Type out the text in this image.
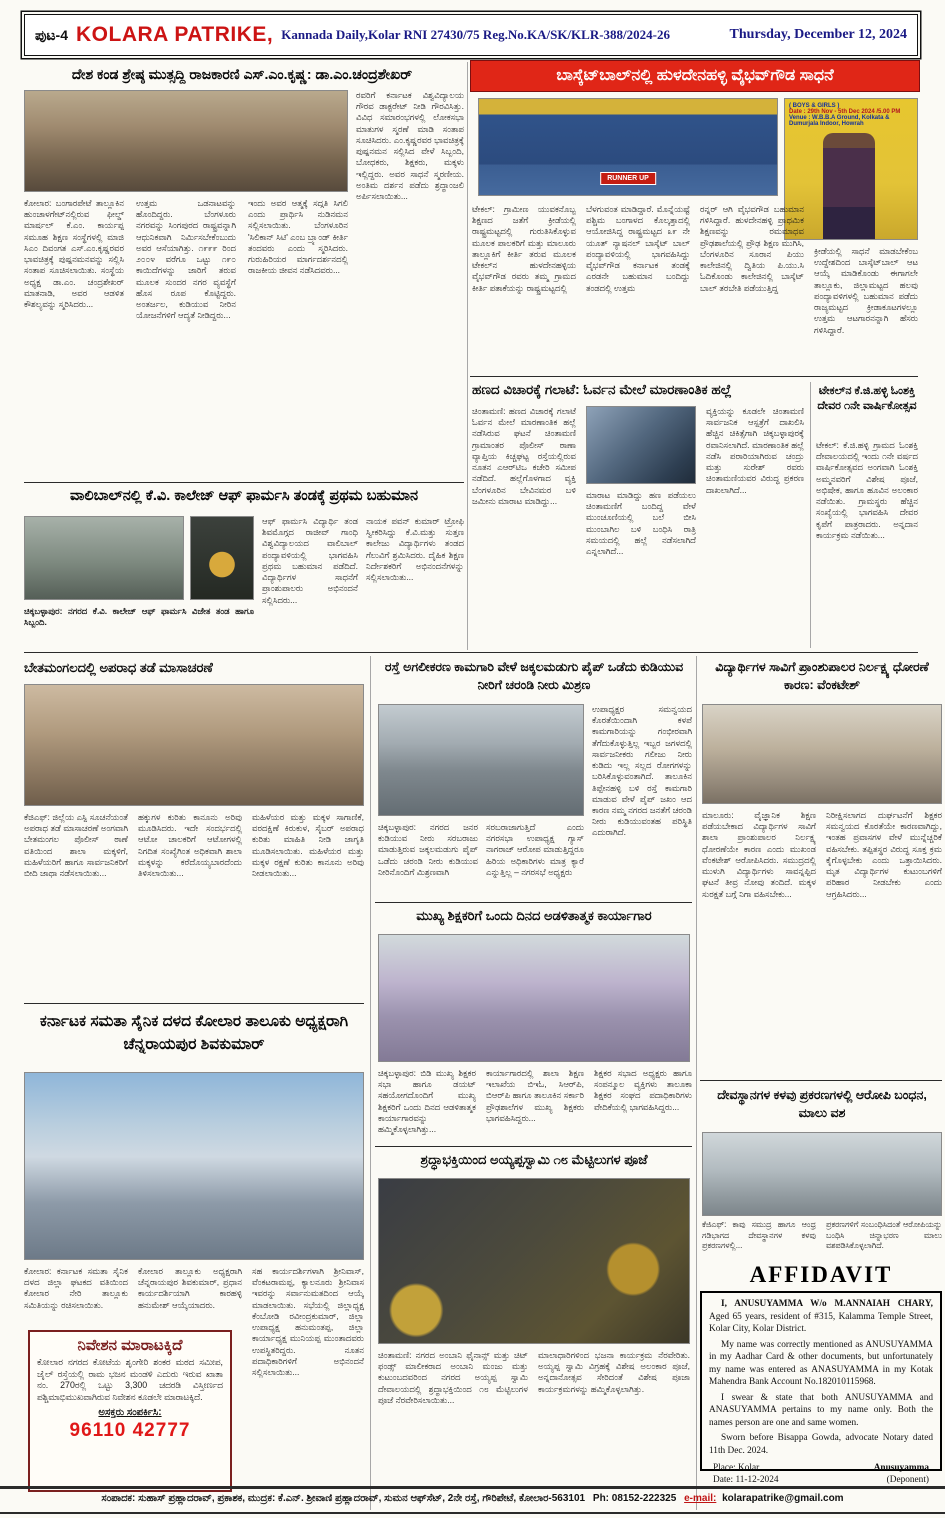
ಪುಟ-4 KOLARA PATRIKE, Kannada Daily,Kolar RNI 27430/75 Reg.No.KA/SK/KLR-388/2024-26	Thursday, December 12, 2024
ದೇಶ ಕಂಡ ಶ್ರೇಷ್ಠ ಮುತ್ಸದ್ದಿ ರಾಜಕಾರಣಿ ಎಸ್.ಎಂ.ಕೃಷ್ಣ: ಡಾ.ಎಂ.ಚಂದ್ರಶೇಖರ್
ರವರಿಗೆ ಕರ್ನಾಟಕ ವಿಶ್ವವಿದ್ಯಾಲಯ ಗೌರವ ಡಾಕ್ಟರೇಟ್ ನೀಡಿ ಗೌರವಿಸಿತ್ತು. ವಿವಿಧ ಸಮಾರಂಭಗಳಲ್ಲಿ ಲೋಕಸಭಾ ಮಾತುಗಳ ಸ್ಮರಣೆ ಮಾಡಿ ಸಂತಾಪ ಸೂಚಿಸಿದರು. ಎಂ.ಕೃಷ್ಣರವರ ಭಾವಚಿತ್ರಕ್ಕೆ ಪುಷ್ಪನಮನ ಸಲ್ಲಿಸಿದ ವೇಳೆ ಸಿಬ್ಬಂದಿ, ಬೋಧಕರು, ಶಿಕ್ಷಕರು, ಮಕ್ಕಳು ಇಲ್ಲಿದ್ದರು. ಅವರ ಸಾಧನೆ ಸ್ಮರಣೀಯ. ಅಂತಿಮ ದರ್ಶನ ಪಡೆದು ಶ್ರದ್ಧಾಂಜಲಿ ಅರ್ಪಿಸಲಾಯಿತು...
ಕೋಲಾರ: ಬಂಗಾರಪೇಟೆ ತಾಲ್ಲೂಕಿನ ಹುಂಚಾಳಗೇಟ್‌ನಲ್ಲಿರುವ ಫೀಲ್ಡ್ ಮಾರ್ಷಲ್ ಕೆ.ಎಂ. ಕಾರ್ಯಪ್ಪ ಸಮೂಹ ಶಿಕ್ಷಣ ಸಂಸ್ಥೆಗಳಲ್ಲಿ ಮಾಜಿ ಸಿಎಂ ದಿವಂಗತ ಎಸ್.ಎಂ.ಕೃಷ್ಣರವರ ಭಾವಚಿತ್ರಕ್ಕೆ ಪುಷ್ಪನಮನವನ್ನು ಸಲ್ಲಿಸಿ ಸಂತಾಪ ಸೂಚಿಸಲಾಯಿತು. ಸಂಸ್ಥೆಯ ಅಧ್ಯಕ್ಷ ಡಾ.ಎಂ. ಚಂದ್ರಶೇಖರ್ ಮಾತನಾಡಿ, ಅವರ ಆಡಳಿತ ಕೌಶಲ್ಯವನ್ನು ಸ್ಮರಿಸಿದರು...
ಉತ್ತಮ ಒಡನಾಟವನ್ನು ಹೊಂದಿದ್ದರು. ಬೆಂಗಳೂರು ನಗರವನ್ನು ಸಿಂಗಪುರದ ರಾಷ್ಟ್ರವನ್ನಾಗಿ ಆಧುನಿಕವಾಗಿ ನಿರ್ಮಿಸಬೇಕೆಂಬುದು ಅವರ ಆಸೆಯಾಗಿತ್ತು. ೧೯೯೯ ರಿಂದ ೨೦೦೪ ವರೆಗೂ ಒಟ್ಟು ೧೯೦ ಕಾಯಿದೆಗಳನ್ನು ಜಾರಿಗೆ ತರುವ ಮೂಲಕ ಸುಂದರ ನಗರ ವ್ಯವಸ್ಥೆಗೆ ಹೊಸ ರೂಪ ಕೊಟ್ಟಿದ್ದರು. ಅಂತರ್ಜಲ, ಕುಡಿಯುವ ನೀರಿನ ಯೋಜನೆಗಳಿಗೆ ಆದ್ಯತೆ ನೀಡಿದ್ದರು...
ಇಂದು ಅವರ ಆತ್ಮಕ್ಕೆ ಸದ್ಗತಿ ಸಿಗಲಿ ಎಂದು ಪ್ರಾರ್ಥಿಸಿ ನುಡಿನಮನ ಸಲ್ಲಿಸಲಾಯಿತು. ಬೆಂಗಳೂರಿನ 'ಸಿಲಿಕಾನ್ ಸಿಟಿ' ಎಂಬ ಬ್ರ್ಯಾಂಡ್ ಕೀರ್ತಿ ತಂದವರು ಎಂದು ಸ್ಮರಿಸಿದರು. ಗುರುಹಿರಿಯರ ಮಾರ್ಗದರ್ಶನದಲ್ಲಿ ರಾಜಕೀಯ ಜೀವನ ನಡೆಸಿದವರು...
ಬಾಸ್ಕೆಟ್‌ಬಾಲ್‌ನಲ್ಲಿ ಹುಳದೇನಹಳ್ಳಿ ವೈಭವ್‌ಗೌಡ ಸಾಧನೆ
RUNNER UP
( BOYS & GIRLS )
Date : 29th Nov - 5th Dec 2024 /5.00 PM
Venue : W.B.B.A Ground, Kolkata & Dumurjala Indoor, Howrah
ಟೇಕಲ್: ಗ್ರಾಮೀಣ ಯುವಕನೊಬ್ಬ ಶಿಕ್ಷಣದ ಜತೆಗೆ ಕ್ರೀಡೆಯಲ್ಲಿ ರಾಷ್ಟ್ರಮಟ್ಟದಲ್ಲಿ ಗುರುತಿಸಿಕೊಳ್ಳುವ ಮೂಲಕ ಪಾಲಕರಿಗೆ ಮತ್ತು ಮಾಲೂರು ತಾಲ್ಲೂಕಿಗೆ ಕೀರ್ತಿ ತರುವ ಮೂಲಕ ಟೇಕಲ್‌ನ ಹುಳದೇನಹಳ್ಳಿಯ ವೈಭವ್‌ಗೌಡ ರವರು ತಮ್ಮ ಗ್ರಾಮದ ಕೀರ್ತಿ ಪತಾಕೆಯನ್ನು ರಾಷ್ಟ್ರಮಟ್ಟದಲ್ಲಿ
ಬೆಳಗುವಂತ ಮಾಡಿದ್ದಾರೆ. ಮೊನ್ನೆಯಷ್ಟೆ ಪಶ್ಚಿಮ ಬಂಗಾಳದ ಕೊಲ್ಕತ್ತಾದಲ್ಲಿ ಆಯೋಜಿಸಿದ್ದ ರಾಷ್ಟ್ರಮಟ್ಟದ ೩೯ ನೇ ಯೂತ್ ನ್ಯಾಷನಲ್ ಬಾಸ್ಕೆಟ್ ಬಾಲ್ ಪಂದ್ಯಾವಳಿಯಲ್ಲಿ ಭಾಗವಹಿಸಿದ್ದು ವೈಭವ್‌ಗೌಡ ಕರ್ನಾಟಕ ತಂಡಕ್ಕೆ ಎರಡನೇ ಬಹುಮಾನ ಬಂದಿದ್ದು ತಂಡದಲ್ಲಿ ಉತ್ತಮ
ರನ್ನರ್ ಆಗಿ ವೈಭವಗೌಡ ಬಹುಮಾನ ಗಳಿಸಿದ್ದಾರೆ. ಹುಳದೇನಹಳ್ಳಿ ಪ್ರಾಥಮಿಕ ಶಿಕ್ಷಣವನ್ನು ರಮಮಾಧವ ಪ್ರೌಢಶಾಲೆಯಲ್ಲಿ ಪ್ರೌಢ ಶಿಕ್ಷಣ ಮುಗಿಸಿ, ಬೆಂಗಳೂರಿನ ಸೂರಾನ ಪಿಯು ಕಾಲೇಜಿನಲ್ಲಿ ದ್ವಿತಿಯ ಪಿ.ಯು.ಸಿ ಓದಿಕೊಂಡು ಕಾಲೇಜಿನಲ್ಲಿ ಬಾಸ್ಕೆಟ್ ಬಾಲ್ ತರಬೇತಿ ಪಡೆಯುತ್ತಿದ್ದ
ಕ್ರೀಡೆಯಲ್ಲಿ ಸಾಧನೆ ಮಾಡಬೇಕೆಂಬ ಉದ್ದೇಶದಿಂದ ಬಾಸ್ಕೆಟ್‌ಬಾಲ್ ಆಟ ಆಯ್ಕೆ ಮಾಡಿಕೊಂಡು ಈಗಾಗಲೇ ತಾಲ್ಲೂಕು, ಜಿಲ್ಲಾಮಟ್ಟದ ಹಲವು ಪಂದ್ಯಾವಳಿಗಳಲ್ಲಿ ಬಹುಮಾನ ಪಡೆದು ರಾಜ್ಯಮಟ್ಟದ ಕ್ರೀಡಾಕೂಟಗಳಲ್ಲೂ ಉತ್ತಮ ಆಟಗಾರನನ್ನಾಗಿ ಹೆಸರು ಗಳಿಸಿದ್ದಾರೆ.
ಹಣದ ವಿಚಾರಕ್ಕೆ ಗಲಾಟೆ: ಓರ್ವನ ಮೇಲೆ ಮಾರಣಾಂತಿಕ ಹಲ್ಲೆ
ಚಿಂತಾಮಣಿ: ಹಣದ ವಿಚಾರಕ್ಕೆ ಗಲಾಟೆ ಓರ್ವನ ಮೇಲೆ ಮಾರಣಾಂತಿಕ ಹಲ್ಲೆ ನಡೆಸಿರುವ ಘಟನೆ ಚಿಂತಾಮಣಿ ಗ್ರಾಮಾಂತರ ಪೊಲೀಸ್ ಠಾಣಾ ವ್ಯಾಪ್ತಿಯ ಕಿಚ್ಚಘಟ್ಟ ರಸ್ತೆಯಲ್ಲಿರುವ ನೂತನ ಎಆರ್‌ಟಿಒ ಕಚೇರಿ ಸಮೀಪ ನಡೆದಿದೆ. ಹಲ್ಲೆಗೊಳಗಾದ ವ್ಯಕ್ತಿ ಬೆಂಗಳೂರಿನ ಬೇವಿನಮರ ಬಳಿ ಜಮೀನು ಮಾರಾಟ ಮಾಡಿದ್ದು...
ಮಾರಾಟ ಮಾಡಿದ್ದು ಹಣ ಪಡೆಯಲು ಚಿಂತಾಮಣಿಗೆ ಬಂದಿದ್ದ ವೇಳೆ ಮುಂಚೂಣಿಯಲ್ಲಿ ಬಲೆ ಬೀಸಿ ಮುಂಬಾಗಿಲ ಬಳಿ ಬಂಧಿಸಿ ರಾತ್ರಿ ಸಮಯದಲ್ಲಿ ಹಲ್ಲೆ ನಡೆಸಲಾಗಿದೆ ಎನ್ನಲಾಗಿದೆ...
ವ್ಯಕ್ತಿಯನ್ನು ಕೂಡಲೇ ಚಿಂತಾಮಣಿ ಸಾರ್ವಜನಿಕ ಆಸ್ಪತ್ರೆಗೆ ದಾಖಲಿಸಿ ಹೆಚ್ಚಿನ ಚಿಕಿತ್ಸೆಗಾಗಿ ಚಿಕ್ಕಬಳ್ಳಾಪುರಕ್ಕೆ ರವಾನಿಸಲಾಗಿದೆ. ಮಾರಣಾಂತಿಕ ಹಲ್ಲೆ ನಡೆಸಿ ಪರಾರಿಯಾಗಿರುವ ಚಂದ್ರು ಮತ್ತು ಸುರೇಶ್ ರವರು ಚಿಂತಾಮಣಿಯವರ ವಿರುದ್ಧ ಪ್ರಕರಣ ದಾಖಲಾಗಿದೆ...
ಟೇಕಲ್‌ನ ಕೆ.ಜಿ.ಹಳ್ಳಿ ಓಂಶಕ್ತಿ ದೇವರ ೧ನೇ ವಾರ್ಷಿಕೋತ್ಸವ
ಟೇಕಲ್: ಕೆ.ಜಿ.ಹಳ್ಳಿ ಗ್ರಾಮದ ಓಂಶಕ್ತಿ ದೇವಾಲಯದಲ್ಲಿ ಇಂದು ೧ನೇ ವರ್ಷದ ವಾರ್ಷಿಕೋತ್ಸವದ ಅಂಗವಾಗಿ ಓಂಶಕ್ತಿ ಅಮ್ಮನವರಿಗೆ ವಿಶೇಷ ಪೂಜೆ, ಅಭಿಷೇಕ, ಹಾಗೂ ಹೂವಿನ ಅಲಂಕಾರ ನಡೆಯಿತು. ಗ್ರಾಮಸ್ಥರು ಹೆಚ್ಚಿನ ಸಂಖ್ಯೆಯಲ್ಲಿ ಭಾಗವಹಿಸಿ ದೇವರ ಕೃಪೆಗೆ ಪಾತ್ರರಾದರು. ಅನ್ನದಾನ ಕಾರ್ಯಕ್ರಮ ನಡೆಯಿತು...
ವಾಲಿಬಾಲ್‌ನಲ್ಲಿ ಕೆ.ವಿ. ಕಾಲೇಜ್ ಆಫ್ ಫಾರ್ಮಸಿ ತಂಡಕ್ಕೆ ಪ್ರಥಮ ಬಹುಮಾನ
ಚಿಕ್ಕಬಳ್ಳಾಪುರ: ನಗರದ ಕೆ.ವಿ. ಕಾಲೇಜ್ ಆಫ್ ಫಾರ್ಮಸಿ ವಿಜೇತ ತಂಡ ಹಾಗೂ ಸಿಬ್ಬಂದಿ.
ಆಫ್ ಫಾರ್ಮಸಿ ವಿದ್ಯಾರ್ಥಿ ತಂಡ ಶಿವಮೊಗ್ಗದ ರಾಜೀವ್ ಗಾಂಧಿ ವಿಶ್ವವಿದ್ಯಾಲಯದ ವಾಲಿಬಾಲ್ ಪಂದ್ಯಾವಳಿಯಲ್ಲಿ ಭಾಗವಹಿಸಿ ಪ್ರಥಮ ಬಹುಮಾನ ಪಡೆದಿದೆ. ವಿದ್ಯಾರ್ಥಿಗಳ ಸಾಧನೆಗೆ ಪ್ರಾಂಶುಪಾಲರು ಅಭಿನಂದನೆ ಸಲ್ಲಿಸಿದರು...
ನಾಯಕ ಪವನ್ ಕುಮಾರ್ ಟ್ರೋಫಿ ಸ್ವೀಕರಿಸಿದ್ದು ಕೆ.ವಿ.ಮತ್ತು ಸುತ್ತಣ ಕಾಲೇಜು ವಿದ್ಯಾರ್ಥಿಗಳು ತಂಡದ ಗೆಲುವಿಗೆ ಶ್ರಮಿಸಿದರು. ದೈಹಿಕ ಶಿಕ್ಷಣ ನಿರ್ದೇಶಕರಿಗೆ ಅಭಿನಂದನೆಗಳನ್ನು ಸಲ್ಲಿಸಲಾಯಿತು...
ಬೇತಮಂಗಲದಲ್ಲಿ ಅಪರಾಧ ತಡೆ ಮಾಸಾಚರಣೆ
ಕೆಜಿಎಫ್: ಜಿಲ್ಲೆಯ ಎಸ್ಪಿ ಸೂಚನೆಯಂತೆ ಅಪರಾಧ ತಡೆ ಮಾಸಾಚರಣೆ ಅಂಗವಾಗಿ ಬೇತಮಂಗಲ ಪೊಲೀಸ್ ಠಾಣೆ ವತಿಯಿಂದ ಶಾಲಾ ಮಕ್ಕಳಿಗೆ, ಮಹಿಳೆಯರಿಗೆ ಹಾಗೂ ಸಾರ್ವಜನಿಕರಿಗೆ ಬೀದಿ ಜಾಥಾ ನಡೆಸಲಾಯಿತು...
ಹಕ್ಕುಗಳ ಕುರಿತು ಕಾನೂನು ಅರಿವು ಮೂಡಿಸಿದರು. ಇದೇ ಸಂದರ್ಭದಲ್ಲಿ ಆಟೋ ಚಾಲಕರಿಗೆ ಆಟೋಗಳಲ್ಲಿ ನಿಗದಿತ ಸಂಖ್ಯೆಗಿಂತ ಅಧಿಕವಾಗಿ ಶಾಲಾ ಮಕ್ಕಳನ್ನು ಕರೆದೊಯ್ಯಬಾರದೆಂದು ತಿಳಿಸಲಾಯಿತು...
ಮಹಿಳೆಯರ ಮತ್ತು ಮಕ್ಕಳ ಸಾಗಾಣಿಕೆ, ವರದಕ್ಷಿಣೆ ಕಿರುಕುಳ, ಸೈಬರ್ ಅಪರಾಧ ಕುರಿತು ಮಾಹಿತಿ ನೀಡಿ ಜಾಗೃತಿ ಮೂಡಿಸಲಾಯಿತು. ಮಹಿಳೆಯರ ಮತ್ತು ಮಕ್ಕಳ ರಕ್ಷಣೆ ಕುರಿತು ಕಾನೂನು ಅರಿವು ನೀಡಲಾಯಿತು...
ರಸ್ತೆ ಅಗಲೀಕರಣ ಕಾಮಗಾರಿ ವೇಳೆ ಜಕ್ಕಲಮಡುಗು ಪೈಪ್ ಒಡೆದು ಕುಡಿಯುವ ನೀರಿಗೆ ಚರಂಡಿ ನೀರು ಮಿಶ್ರಣ
ಉಪಾಧ್ಯಕ್ಷರ ಸಮನ್ವಯದ ಕೊರತೆಯಿಂದಾಗಿ ಕಳಪೆ ಕಾಮಗಾರಿಯನ್ನು ಗಂಭೀರವಾಗಿ ತೆಗೆದುಕೊಳ್ಳುತ್ತಿಲ್ಲ ಇಬ್ಬರ ಜಗಳದಲ್ಲಿ ಸಾರ್ವಜನೀಕರು ಗಲೀಜು ನೀರು ಕುಡಿದು ಇಲ್ಲ ಸಲ್ಲದ ರೋಗಗಳನ್ನು ಬರಿಸಿಕೊಳ್ಳುವಂತಾಗಿದೆ. ತಾಲೂಕಿನ ತಿಪ್ಪೇನಹಳ್ಳಿ ಬಳಿ ರಸ್ತೆ ಕಾಮಗಾರಿ ಮಾಡುವ ವೇಳೆ ಪೈಪ್ ಜಖಂ ಆದ ಕಾರಣ ನಮ್ಮ ನಗರದ ಜನತೆಗೆ ಚರಂಡಿ ನೀರು ಕುಡಿಯುವಂತಹ ಪರಿಸ್ಥಿತಿ ಎದುರಾಗಿದೆ.
ಚಿಕ್ಕಬಳ್ಳಾಪುರ: ನಗರದ ಜನರ ಕುಡಿಯುವ ನೀರು ಸರಬರಾಜು ಮಾಡುತ್ತಿರುವ ಜಕ್ಕಲಮಡುಗು ಪೈಪ್ ಒಡೆದು ಚರಂಡಿ ನೀರು ಕುಡಿಯುವ ನೀರಿನೊಂದಿಗೆ ಮಿಶ್ರಣವಾಗಿ
ಸರಬರಾಜಾಗುತ್ತಿದೆ ಎಂದು ನಗರಸಭಾ ಉಪಾಧ್ಯಕ್ಷ ಗ್ಯಾಸ್ ನಾಗರಾಜ್ ಆರೋಪ ಮಾಡುತ್ತಿದ್ದರೂ ಹಿರಿಯ ಅಧಿಕಾರಿಗಳು ಮಾತ್ರ ಕ್ಯಾರೆ ಎನ್ನುತ್ತಿಲ್ಲ – ನಗರಸಭೆ ಅಧ್ಯಕ್ಷರು
ವಿದ್ಯಾರ್ಥಿಗಳ ಸಾವಿಗೆ ಪ್ರಾಂಶುಪಾಲರ ನಿರ್ಲಕ್ಷ್ಯ ಧೋರಣೆ ಕಾರಣ: ವೆಂಕಟೇಶ್
ಮಾಲೂರು: ವೈಜ್ಞಾನಿಕ ಶಿಕ್ಷಣ ಪಡೆಯಬೇಕಾದ ವಿದ್ಯಾರ್ಥಿಗಳ ಸಾವಿಗೆ ಶಾಲಾ ಪ್ರಾಂಶುಪಾಲರ ನಿರ್ಲಕ್ಷ್ಯ ಧೋರಣೆಯೇ ಕಾರಣ ಎಂದು ಮುಖಂಡ ವೆಂಕಟೇಶ್ ಆರೋಪಿಸಿದರು. ಸಮುದ್ರದಲ್ಲಿ ಮುಳುಗಿ ವಿದ್ಯಾರ್ಥಿಗಳು ಸಾವನ್ನಪ್ಪಿದ ಘಟನೆ ತೀವ್ರ ನೋವು ತಂದಿದೆ. ಮಕ್ಕಳ ಸುರಕ್ಷತೆ ಬಗ್ಗೆ ನಿಗಾ ವಹಿಸಬೇಕು...
ನಿರೀಕ್ಷಿಸಲಾಗದ ದುರ್ಘಟನೆಗೆ ಶಿಕ್ಷಕರ ಸಮನ್ವಯದ ಕೊರತೆಯೇ ಕಾರಣವಾಗಿದ್ದು, ಇಂತಹ ಪ್ರವಾಸಗಳ ವೇಳೆ ಮುನ್ನೆಚ್ಚರಿಕೆ ವಹಿಸಬೇಕು. ತಪ್ಪಿತಸ್ಥರ ವಿರುದ್ಧ ಸೂಕ್ತ ಕ್ರಮ ಕೈಗೊಳ್ಳಬೇಕು ಎಂದು ಒತ್ತಾಯಿಸಿದರು. ಮೃತ ವಿದ್ಯಾರ್ಥಿಗಳ ಕುಟುಂಬಗಳಿಗೆ ಪರಿಹಾರ ನೀಡಬೇಕು ಎಂದು ಆಗ್ರಹಿಸಿದರು...
ಮುಖ್ಯ ಶಿಕ್ಷಕರಿಗೆ ಒಂದು ದಿನದ ಅಡಳಿತಾತ್ಮಕ ಕಾರ್ಯಾಗಾರ
ಚಿಕ್ಕಬಳ್ಳಾಪುರ: ಬಿಡಿ ಮುಖ್ಯ ಶಿಕ್ಷಕರ ಸಭಾ ಹಾಗೂ ಡಯಟ್ ಸಹಯೋಗದೊಂದಿಗೆ ಮುಖ್ಯ ಶಿಕ್ಷಕರಿಗೆ ಒಂದು ದಿನದ ಆಡಳಿತಾತ್ಮಕ ಕಾರ್ಯಾಗಾರವನ್ನು ಹಮ್ಮಿಕೊಳ್ಳಲಾಗಿತ್ತು...
ಕಾರ್ಯಾಗಾರದಲ್ಲಿ ಶಾಲಾ ಶಿಕ್ಷಣ ಇಲಾಖೆಯ ಬಿಇಓ, ಸಿಆರ್‌ಪಿ, ಬಿಆರ್‌ಪಿ ಹಾಗೂ ತಾಲೂಕಿನ ಸರ್ಕಾರಿ ಪ್ರೌಢಶಾಲೆಗಳ ಮುಖ್ಯ ಶಿಕ್ಷಕರು ಭಾಗವಹಿಸಿದ್ದರು...
ಶಿಕ್ಷಕರ ಸಭಾದ ಅಧ್ಯಕ್ಷರು ಹಾಗೂ ಸಂಪನ್ಮೂಲ ವ್ಯಕ್ತಿಗಳು ತಾಲೂಕಾ ಶಿಕ್ಷಕರ ಸಂಘದ ಪದಾಧಿಕಾರಿಗಳು ವೇದಿಕೆಯಲ್ಲಿ ಭಾಗವಹಿಸಿದ್ದರು...
ಕರ್ನಾಟಕ ಸಮತಾ ಸೈನಿಕ ದಳದ ಕೋಲಾರ ತಾಲೂಕು ಅಧ್ಯಕ್ಷರಾಗಿ ಚೆನ್ನರಾಯಪುರ ಶಿವಕುಮಾರ್
ಕೋಲಾರ: ಕರ್ನಾಟಕ ಸಮತಾ ಸೈನಿಕ ದಳದ ಜಿಲ್ಲಾ ಘಟಕದ ವತಿಯಿಂದ ಕೋಲಾರ ನೇರಿ ತಾಲ್ಲೂಕು ಸಮಿತಿಯನ್ನು ರಚಿಸಲಾಯಿತು.
ಕೋಲಾರ ತಾಲ್ಲೂಕು ಅಧ್ಯಕ್ಷರಾಗಿ ಚೆನ್ನರಾಯಪುರ ಶಿವಕುಮಾರ್, ಪ್ರಧಾನ ಕಾರ್ಯದರ್ಶಿಯಾಗಿ ಕಾರಹಳ್ಳಿ ಹನುಮೇಶ್ ಆಯ್ಕೆಯಾದರು.
ಸಹ ಕಾರ್ಯದರ್ಶಿಗಳಾಗಿ ಶ್ರೀನಿವಾಸ್, ವೆಂಕಟರಾಮಪ್ಪ, ಕ್ಯಾಲನೂರು ಶ್ರೀನಿವಾಸ ಇವರನ್ನು ಸರ್ವಾನುಮತದಿಂದ ಆಯ್ಕೆ ಮಾಡಲಾಯಿತು. ಸಭೆಯಲ್ಲಿ ಜಿಲ್ಲಾಧ್ಯಕ್ಷ ಕೆಂಬೋಡಿ ರವೀಂದ್ರಕುಮಾರ್, ಜಿಲ್ಲಾ ಉಪಾಧ್ಯಕ್ಷ ಹನುಮಂತಪ್ಪ, ಜಿಲ್ಲಾ ಕಾರ್ಯಾಧ್ಯಕ್ಷ ಮುನಿಯಪ್ಪ ಮುಂತಾದವರು ಉಪಸ್ಥಿತರಿದ್ದರು. ನೂತನ ಪದಾಧಿಕಾರಿಗಳಿಗೆ ಅಭಿನಂದನೆ ಸಲ್ಲಿಸಲಾಯಿತು...
ನಿವೇಶನ ಮಾರಾಟಕ್ಕಿದೆ
ಕೋಲಾರ ನಗರದ ಕೋಟೆಯ ಶೃಂಗೇರಿ ಶಂಕರ ಮಠದ ಸಮೀಪ, ಜೈಲ್ ರಸ್ತೆಯಲ್ಲಿ ರಾಮ ಭಜನ ಮಂಡಳಿ ಎದುರು ಇರುವ ಖಾತಾ ನಂ. 270ರಲ್ಲಿ ಒಟ್ಟು 3,300 ಚದರಡಿ ವಿಸ್ತೀರ್ಣದ ಪಶ್ಚಿಮಾಭಿಮುಖವಾಗಿರುವ ನಿವೇಶನ ಕೂಡಲೇ ಮಾರಾಟಕ್ಕಿದೆ.
ಅಸಕ್ತರು ಸಂಪರ್ಕಿಸಿ:
96110 42777
ಶ್ರದ್ಧಾಭಕ್ತಿಯಿಂದ ಅಯ್ಯಪ್ಪಸ್ವಾಮಿ ೧೮ ಮೆಟ್ಟಿಲುಗಳ ಪೂಜೆ
ಚಿಂತಾಮಣಿ: ನಗರದ ಅಂಬಾನಿ ಫೈನಾನ್ಸ್ ಮತ್ತು ಚಿಟ್ ಫಂಡ್ಸ್ ಮಾಲೀಕರಾದ ಅಂಬಾನಿ ಮಂಜು ಮತ್ತು ಕುಟುಂಬದವರಿಂದ ನಗರದ ಅಯ್ಯಪ್ಪ ಸ್ವಾಮಿ ದೇವಾಲಯದಲ್ಲಿ ಶ್ರದ್ಧಾಭಕ್ತಿಯಿಂದ ೧೮ ಮೆಟ್ಟಿಲುಗಳ ಪೂಜೆ ನೆರವೇರಿಸಲಾಯಿತು...
ಮಾಲಾಧಾರಿಗಳಿಂದ ಭಜನಾ ಕಾರ್ಯಕ್ರಮ ನೆರವೇರಿತು. ಅಯ್ಯಪ್ಪ ಸ್ವಾಮಿ ವಿಗ್ರಹಕ್ಕೆ ವಿಶೇಷ ಅಲಂಕಾರ ಪೂಜೆ, ಅನ್ನದಾನೋತ್ಸವ ಸೇರಿದಂತೆ ವಿಶೇಷ ಪೂಜಾ ಕಾರ್ಯಕ್ರಮಗಳನ್ನು ಹಮ್ಮಿಕೊಳ್ಳಲಾಗಿತ್ತು.
ದೇವಸ್ಥಾನಗಳ ಕಳವು ಪ್ರಕರಣಗಳಲ್ಲಿ ಆರೋಪಿ ಬಂಧನ, ಮಾಲು ವಶ
ಕೆಜಿಎಫ್: ಕಾವು ಸಮುದ್ರ ಹಾಗೂ ಆಂಧ್ರ ಗಡಿಭಾಗದ ದೇವಸ್ಥಾನಗಳ ಕಳವು ಪ್ರಕರಣಗಳಲ್ಲಿ...
ಪ್ರಕರಣಗಳಿಗೆ ಸಂಬಂಧಿಸಿದಂತೆ ಆರೋಪಿಯನ್ನು ಬಂಧಿಸಿ ಚಿನ್ನಾಭರಣ ಮಾಲು ವಶಪಡಿಸಿಕೊಳ್ಳಲಾಗಿದೆ.
AFFIDAVIT

I, ANUSUYAMMA W/o M.ANNAIAH CHARY, Aged 65 years, resident of #315, Kalamma Temple Street, Kolar City, Kolar District.

My name was correctly mentioned as ANUSUYAMMA in my Aadhar Card & other documents, but unfortunately my name was entered as ANASUYAMMA in my Kotak Mahendra Bank Account No.182010115968.

I swear & state that both ANUSUYAMMA and ANASUYAMMA pertains to my name only. Both the names person are one and same women.

Sworn before Bisappa Gowda, advocate Notary dated 11th Dec. 2024.

Place: Kolar	Anusuyamma
Date: 11-12-2024	(Deponent)
ಸಂಪಾದಕ: ಸುಹಾಸ್ ಪ್ರಹ್ಲಾದರಾವ್, ಪ್ರಕಾಶಕ, ಮುದ್ರಕ: ಕೆ.ಎನ್. ಶ್ರೀವಾಣಿ ಪ್ರಹ್ಲಾದರಾವ್, ಸುಮನ ಆಫ್‌ಸೆಟ್, 2ನೇ ರಸ್ತೆ, ಗೌರಿಪೇಟೆ, ಕೋಲಾರ-563101 Ph: 08152-222325 e-mail: kolarapatrike@gmail.com
